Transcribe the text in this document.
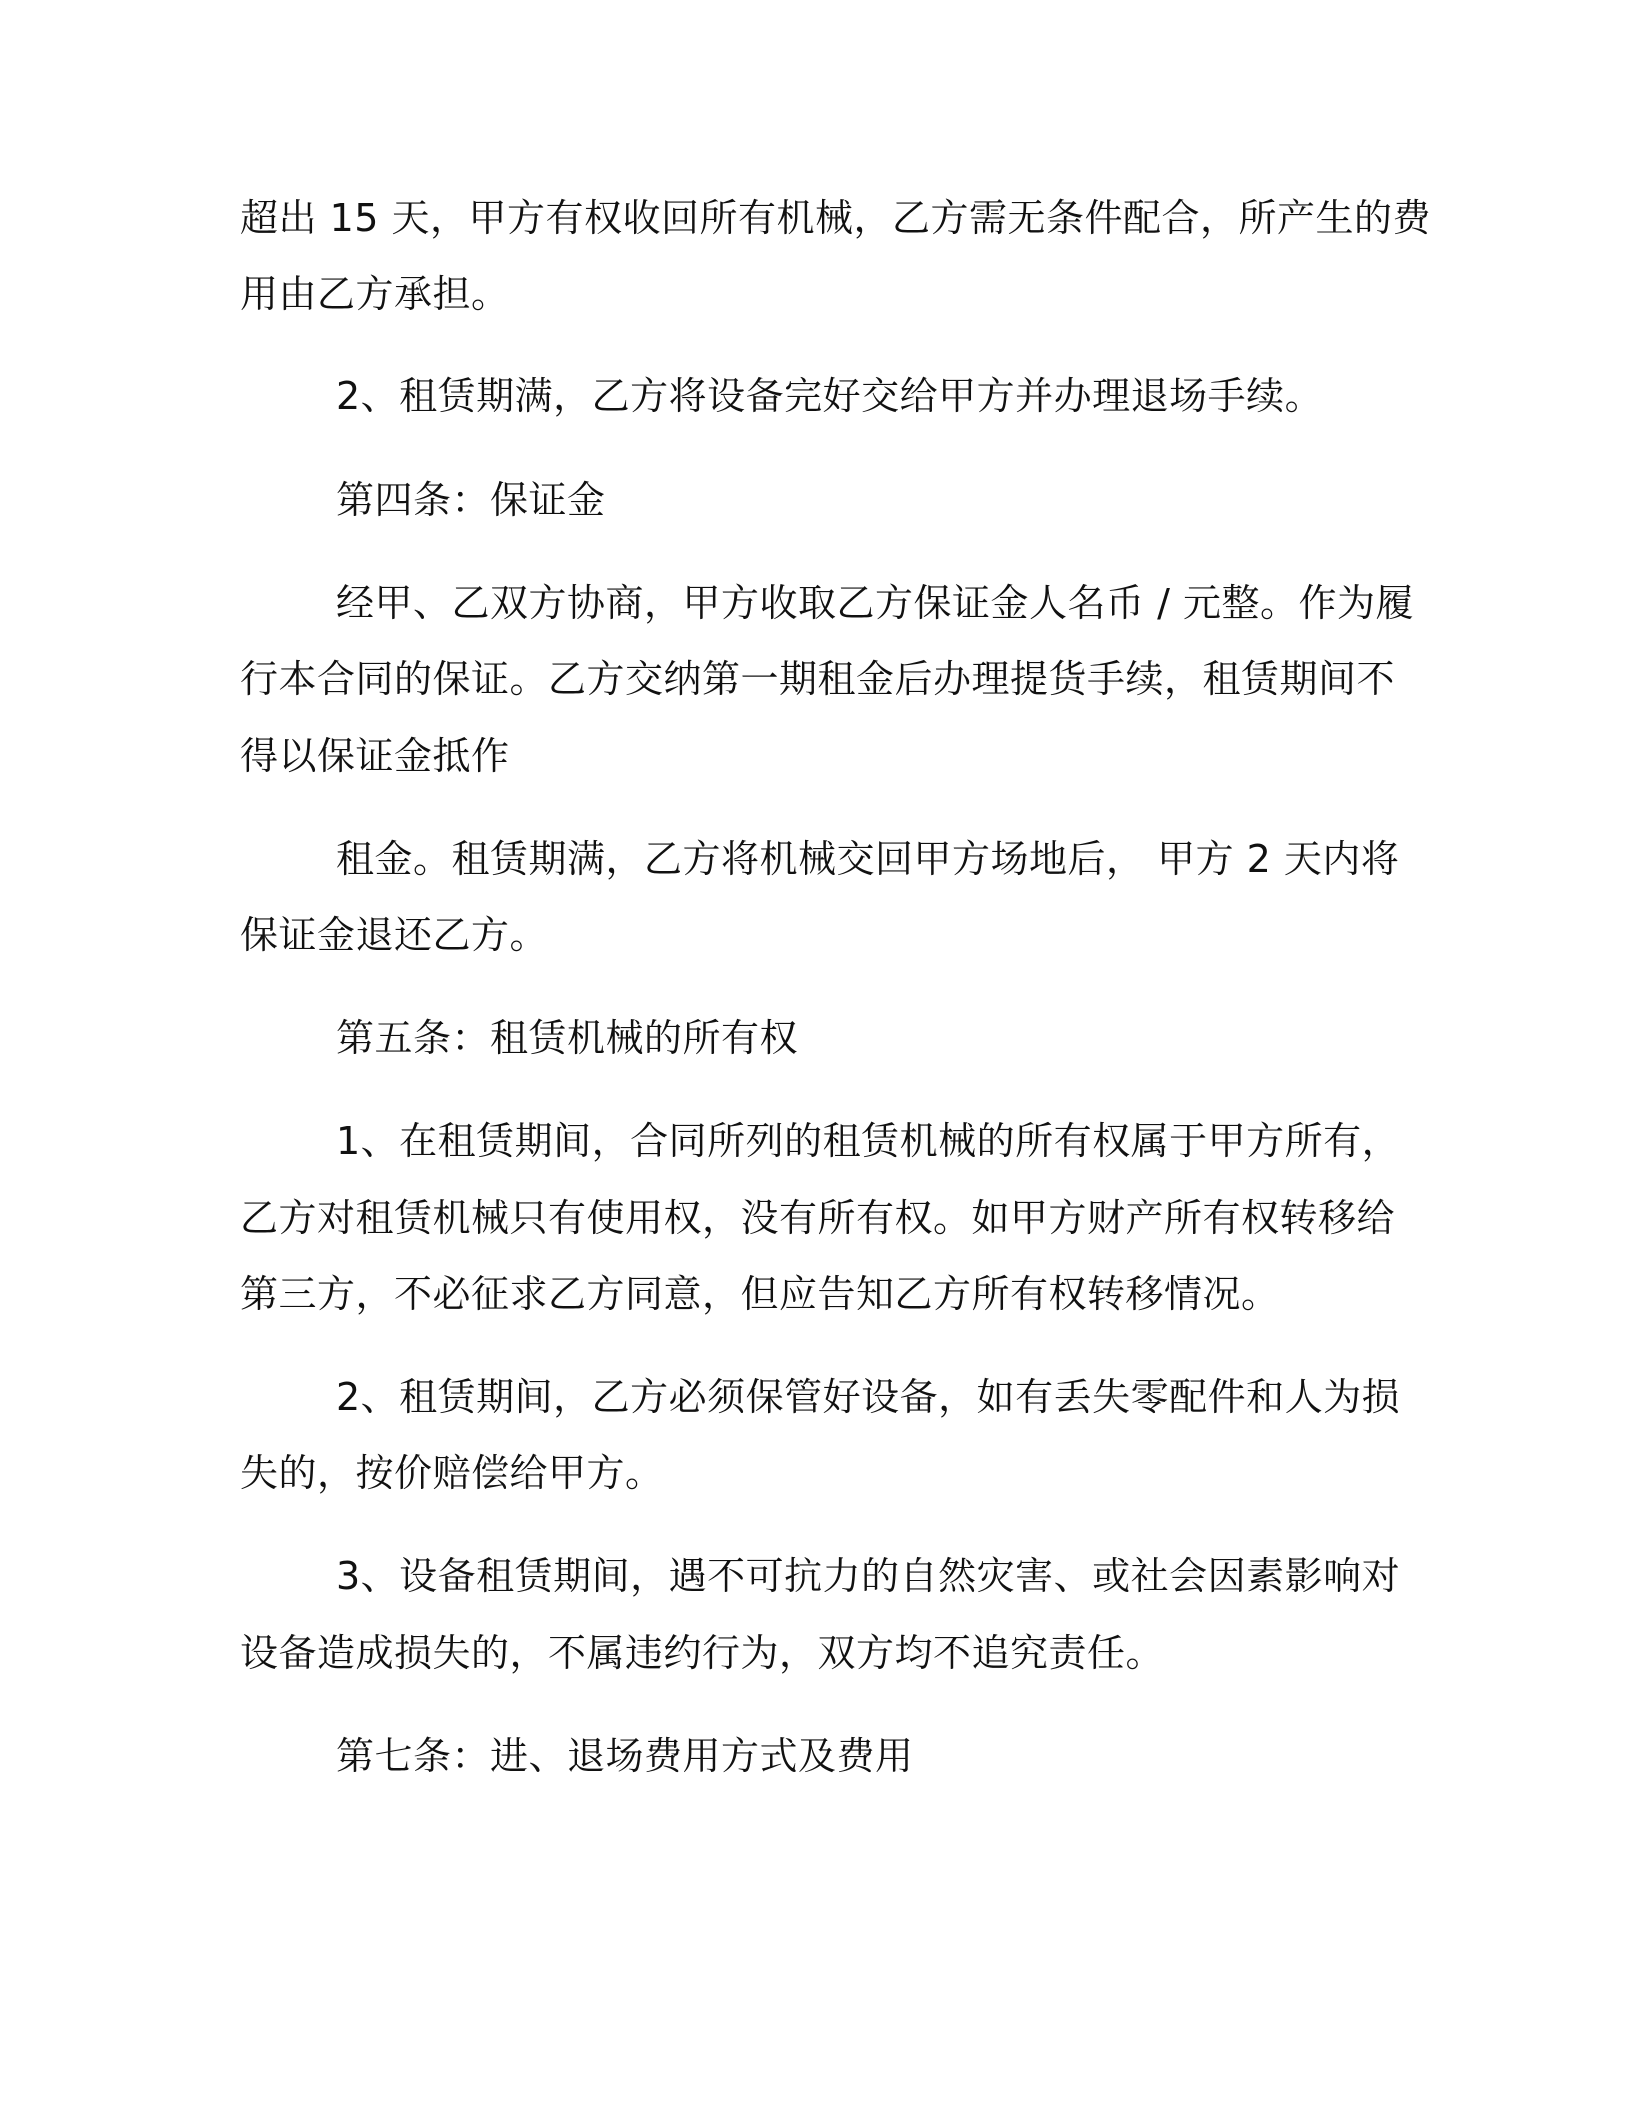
超出 15 天，甲方有权收回所有机械，乙方需无条件配合，所产生的费
用由乙方承担。
2、租赁期满，乙方将设备完好交给甲方并办理退场手续。
第四条：保证金
经甲、乙双方协商，甲方收取乙方保证金人名币 / 元整。作为履
行本合同的保证。乙方交纳第一期租金后办理提货手续，租赁期间不
得以保证金抵作
租金。租赁期满，乙方将机械交回甲方场地后， 甲方 2 天内将
保证金退还乙方。
第五条：租赁机械的所有权
1、在租赁期间，合同所列的租赁机械的所有权属于甲方所有，
乙方对租赁机械只有使用权，没有所有权。如甲方财产所有权转移给
第三方，不必征求乙方同意，但应告知乙方所有权转移情况。
2、租赁期间，乙方必须保管好设备，如有丢失零配件和人为损
失的，按价赔偿给甲方。
3、设备租赁期间，遇不可抗力的自然灾害、或社会因素影响对
设备造成损失的，不属违约行为，双方均不追究责任。
第七条：进、退场费用方式及费用
